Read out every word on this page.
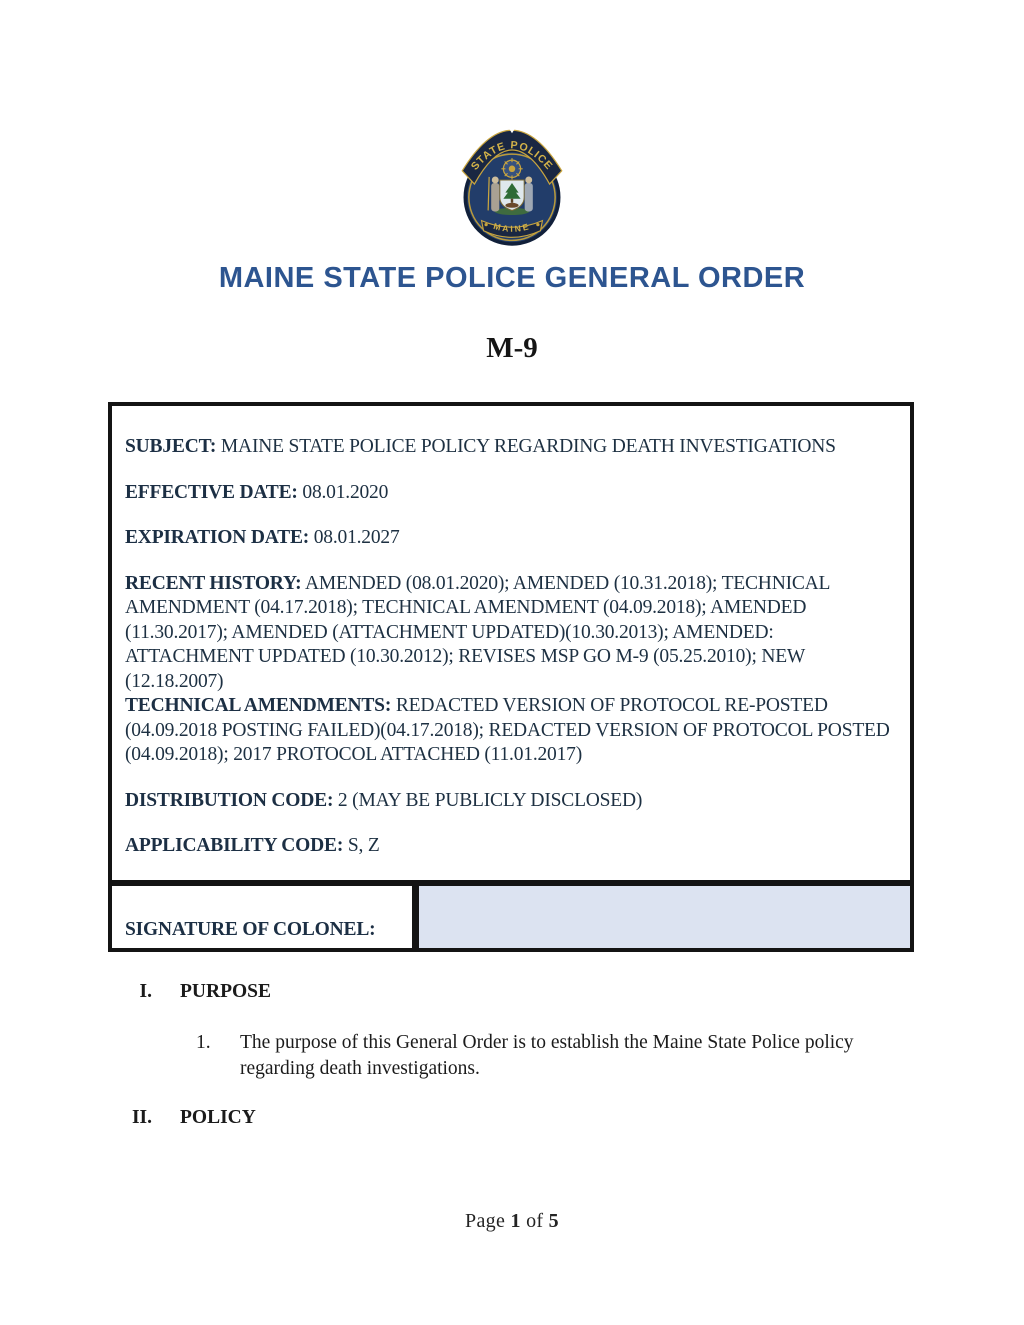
MAINE
STATE POLICE
MAINE STATE POLICE GENERAL ORDER
M-9

SUBJECT: MAINE STATE POLICE POLICY REGARDING DEATH INVESTIGATIONS

EFFECTIVE DATE: 08.01.2020

EXPIRATION DATE: 08.01.2027

RECENT HISTORY: AMENDED (08.01.2020); AMENDED (10.31.2018); TECHNICAL AMENDMENT (04.17.2018); TECHNICAL AMENDMENT (04.09.2018); AMENDED (11.30.2017); AMENDED (ATTACHMENT UPDATED)(10.30.2013); AMENDED: ATTACHMENT UPDATED (10.30.2012); REVISES MSP GO M-9 (05.25.2010); NEW (12.18.2007)

TECHNICAL AMENDMENTS: REDACTED VERSION OF PROTOCOL RE-POSTED (04.09.2018 POSTING FAILED)(04.17.2018); REDACTED VERSION OF PROTOCOL POSTED (04.09.2018); 2017 PROTOCOL ATTACHED (11.01.2017)

DISTRIBUTION CODE: 2 (MAY BE PUBLICLY DISCLOSED)

APPLICABILITY CODE: S, Z

SIGNATURE OF COLONEL:
I. PURPOSE
1.	The purpose of this General Order is to establish the Maine State Police policy regarding death investigations.
II. POLICY
Page 1 of 5
